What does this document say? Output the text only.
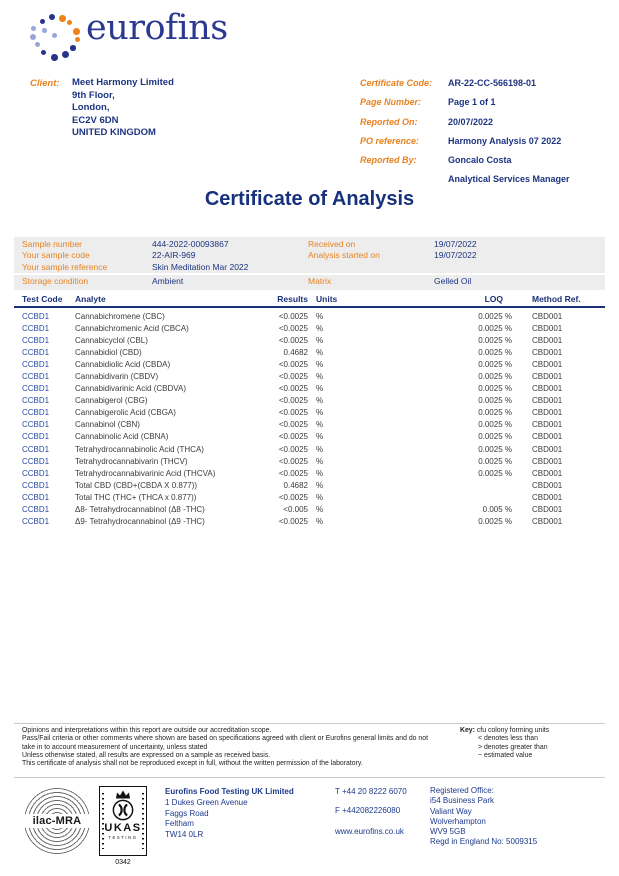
eurofins
Client: Meet Harmony Limited
9th Floor,
London,
EC2V 6DN
UNITED KINGDOM
Certificate Code: AR-22-CC-566198-01
Page Number:	Page 1 of 1
Reported On:	20/07/2022
PO reference:	Harmony Analysis 07 2022
Reported By:	Goncalo Costa
Analytical Services Manager
Certificate of Analysis
Sample number	444-2022-00093867	Received on	19/07/2022
Your sample code	22-AIR-969	Analysis started on	19/07/2022
Your sample reference	Skin Meditation Mar 2022
Storage condition	Ambient	Matrix	Gelled Oil
Test Code Analyte	Results Units	LOQ	Method Ref.
CCBD1	Cannabichromene (CBC)	<0.0025 %	0.0025 %	CBD001
CCBD1	Cannabichromenic Acid (CBCA)	<0.0025 %	0.0025 %	CBD001
CCBD1	Cannabicyclol (CBL)	<0.0025 %	0.0025 %	CBD001
CCBD1	Cannabidiol (CBD)	0.4682 %	0.0025 %	CBD001
CCBD1	Cannabidiolic Acid (CBDA)	<0.0025 %	0.0025 %	CBD001
CCBD1	Cannabidivarin (CBDV)	<0.0025 %	0.0025 %	CBD001
CCBD1	Cannabidivarinic Acid (CBDVA)	<0.0025 %	0.0025 %	CBD001
CCBD1	Cannabigerol (CBG)	<0.0025 %	0.0025 %	CBD001
CCBD1	Cannabigerolic Acid (CBGA)	<0.0025 %	0.0025 %	CBD001
CCBD1	Cannabinol (CBN)	<0.0025 %	0.0025 %	CBD001
CCBD1	Cannabinolic Acid (CBNA)	<0.0025 %	0.0025 %	CBD001
CCBD1	Tetrahydrocannabinolic Acid (THCA)	<0.0025 %	0.0025 %	CBD001
CCBD1	Tetrahydrocannabivarin (THCV)	<0.0025 %	0.0025 %	CBD001
CCBD1	Tetrahydrocannabivarinic Acid (THCVA)	<0.0025 %	0.0025 %	CBD001
CCBD1	Total CBD (CBD+(CBDA X 0.877))	0.4682 %	CBD001
CCBD1	Total THC (THC+ (THCA x 0.877))	<0.0025 %	CBD001
CCBD1	Δ8- Tetrahydrocannabinol (Δ8 -THC)	<0.005 %	0.005 %	CBD001
CCBD1	Δ9- Tetrahydrocannabinol (Δ9 -THC)	<0.0025 %	0.0025 %	CBD001
Opinions and interpretations within this report are outside our accreditation scope.
Pass/Fail criteria or other comments where shown are based on specifications agreed with client or Eurofins general limits and do not
take in to account measurement of uncertainty, unless stated
Unless otherwise stated, all results are expressed on a sample as received basis.
This certificate of analysis shall not be reproduced except in full, without the written permission of the laboratory.
Key: cfu colony forming units
< denotes less than
> denotes greater than
~ estimated value
ilac-MRA
UKAS
TESTING
0342
Eurofins Food Testing UK Limited
1 Dukes Green Avenue
Faggs Road
Feltham
TW14 0LR
T +44 20 8222 6070
F +442082226080
www.eurofins.co.uk
Registered Office:
i54 Business Park
Valiant Way
Wolverhampton
WV9 5GB
Regd in England No: 5009315
